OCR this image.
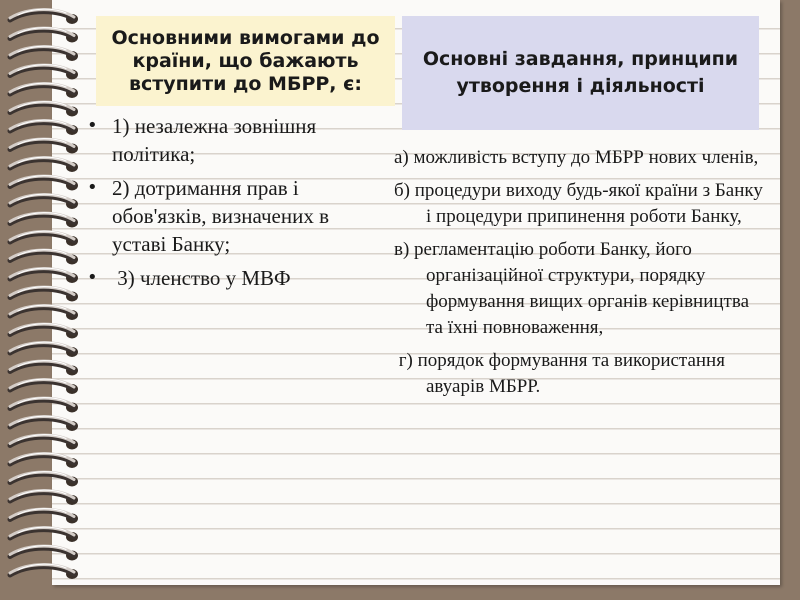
Основними вимогами до країни, що бажають вступити до МБРР, є:
Основні завдання, принципи утворення і діяльності
• 1) незалежна зовнішня політика;
• 2) дотримання прав і обов'язків, визначених в уставі Банку;
• 3) членство у МВФ
а) можливість вступу до МБРР нових членів,
б) процедури виходу будь-якої країни з Банку і процедури припинення роботи Банку,
в) регламентацію роботи Банку, його організаційної структури, порядку формування вищих органів керівництва та їхні повноваження,
г) порядок формування та використання авуарів МБРР.
